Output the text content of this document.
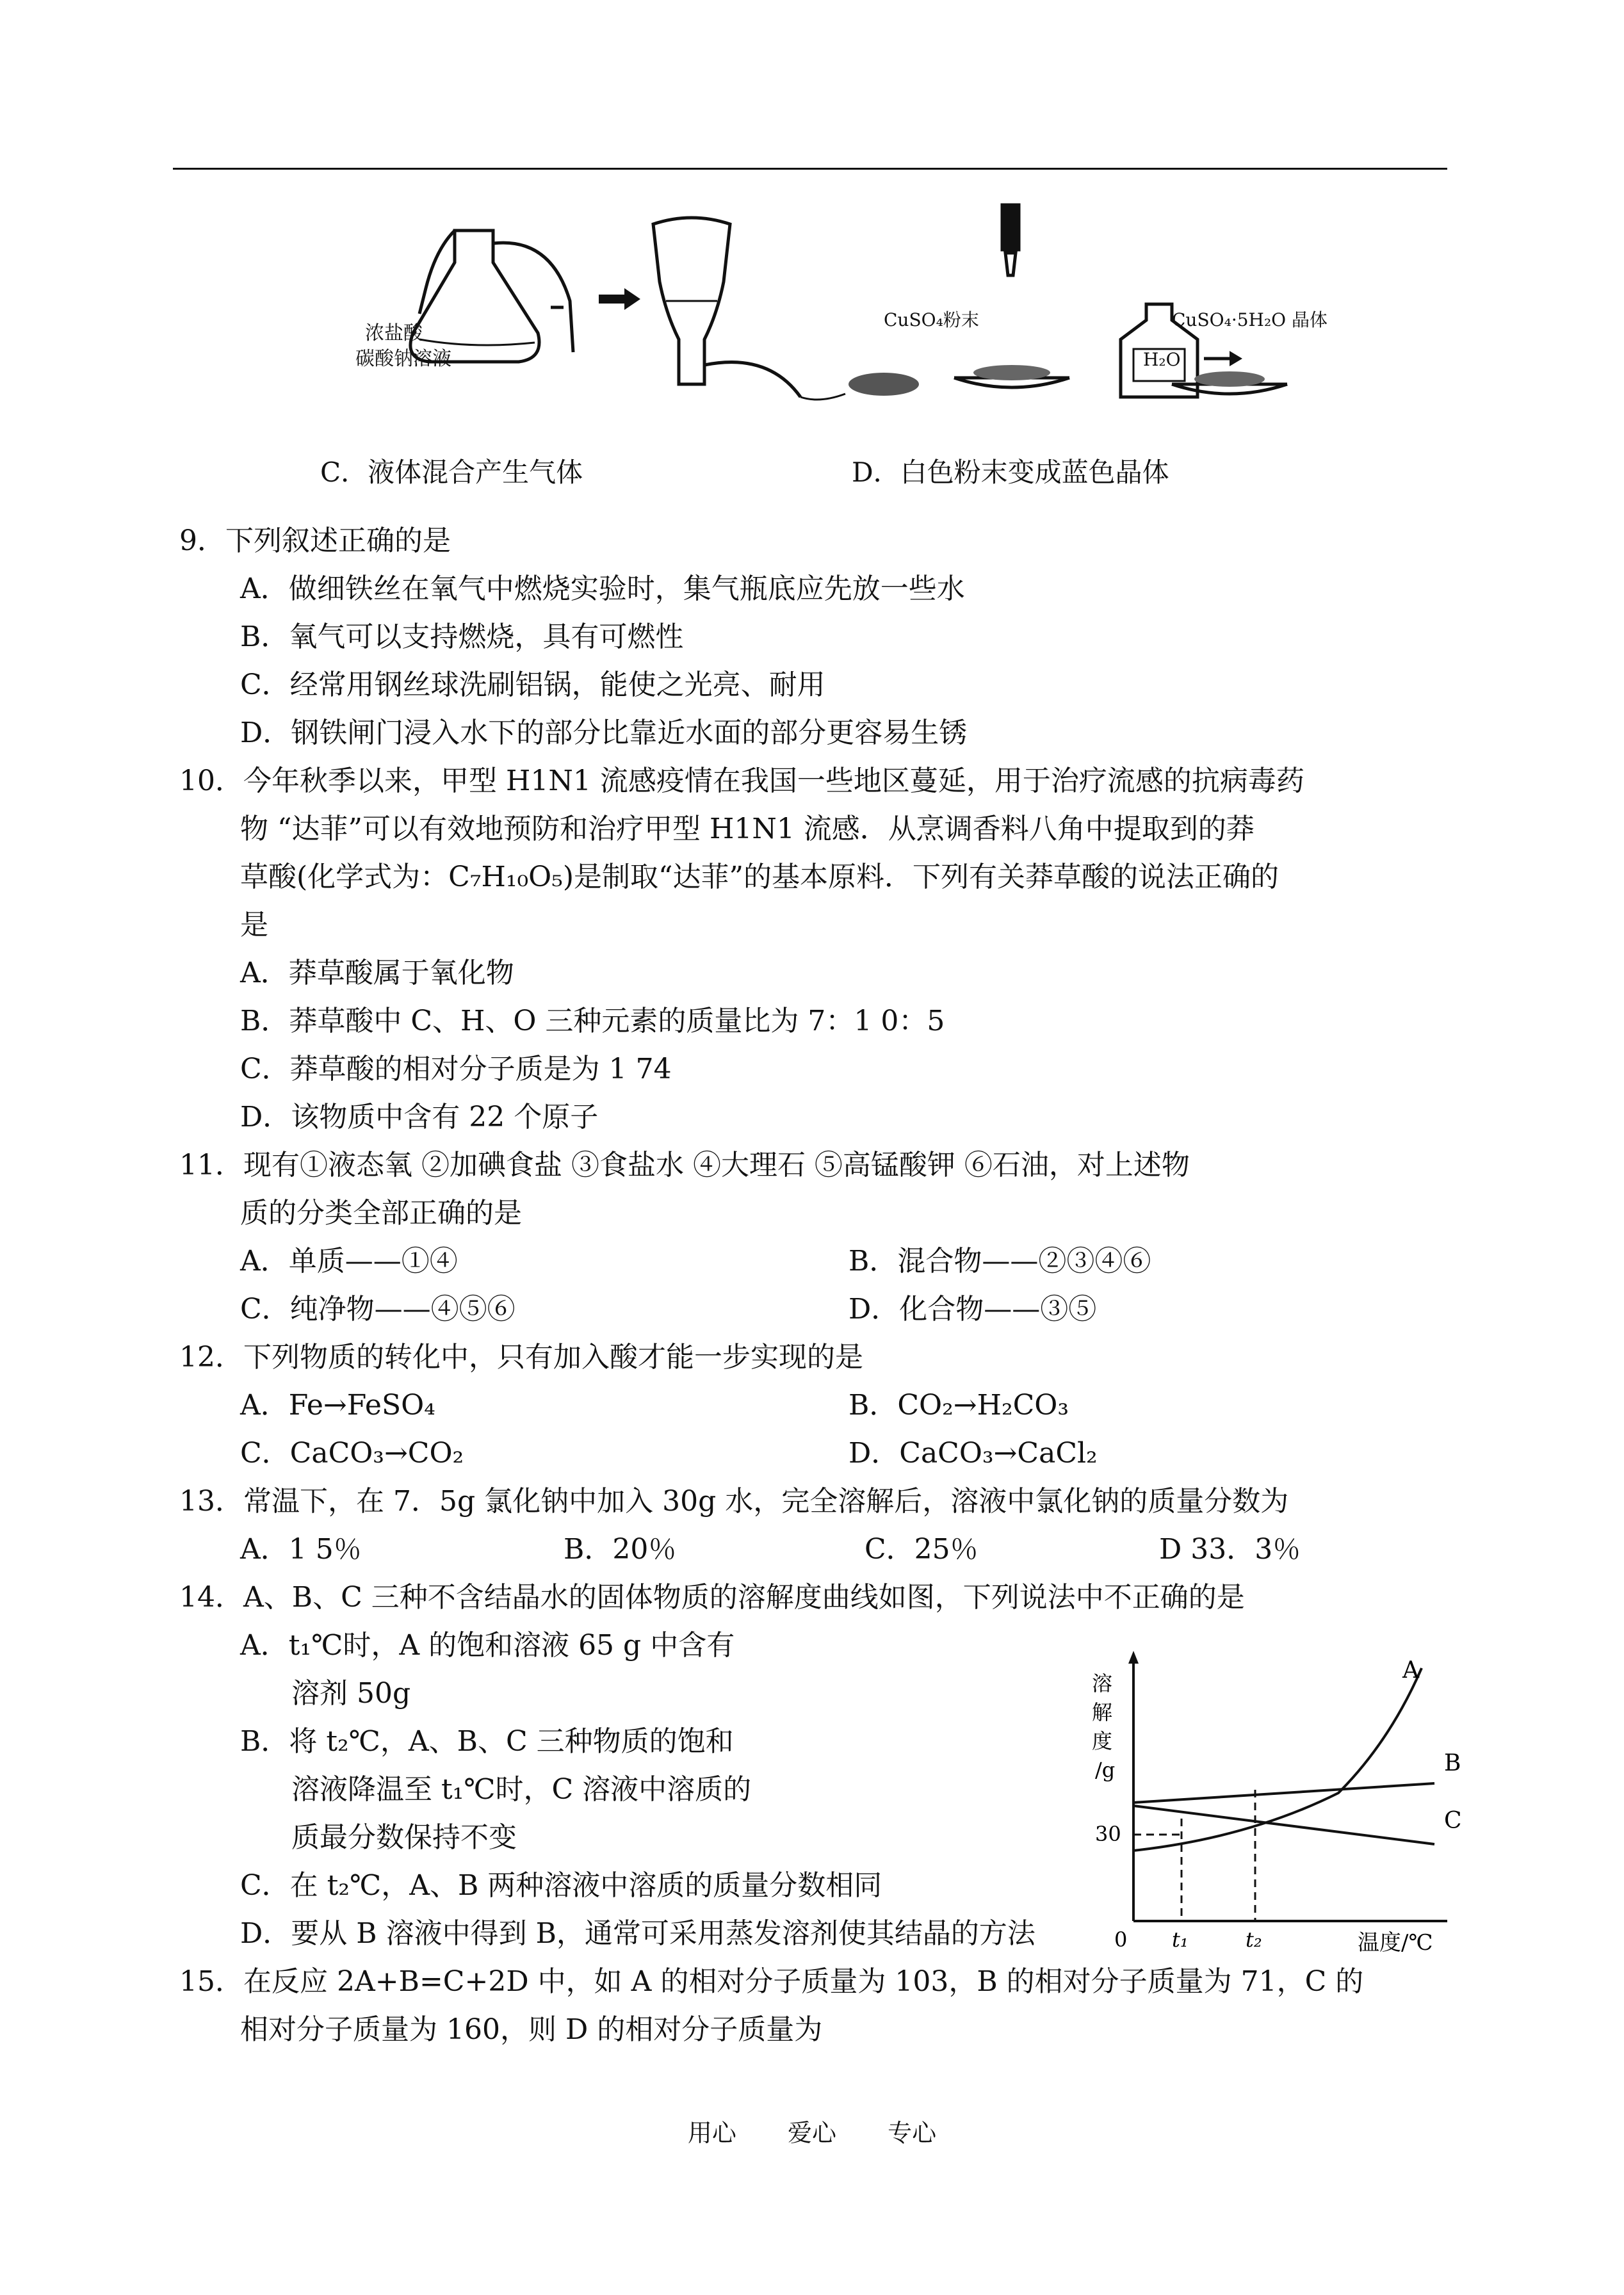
浓盐酸
碳酸钠溶液
CuSO₄粉末
H₂O
CuSO₄·5H₂O 晶体
C．液体混合产生气体	D．白色粉末变成蓝色晶体
9．下列叙述正确的是
A．做细铁丝在氧气中燃烧实验时，集气瓶底应先放一些水
B．氧气可以支持燃烧，具有可燃性
C．经常用钢丝球洗刷铝锅，能使之光亮、耐用
D．钢铁闸门浸入水下的部分比靠近水面的部分更容易生锈
10．今年秋季以来，甲型 H1N1 流感疫情在我国一些地区蔓延，用于治疗流感的抗病毒药
物 “达菲”可以有效地预防和治疗甲型 H1N1 流感．从烹调香料八角中提取到的莽
草酸(化学式为：C₇H₁₀O₅)是制取“达菲”的基本原料．下列有关莽草酸的说法正确的
是
A．莽草酸属于氧化物
B．莽草酸中 C、H、O 三种元素的质量比为 7：1 0：5
C．莽草酸的相对分子质是为 1 74
D．该物质中含有 22 个原子
11．现有①液态氧 ②加碘食盐 ③食盐水 ④大理石 ⑤高锰酸钾 ⑥石油，对上述物
质的分类全部正确的是
A．单质——①④	B．混合物——②③④⑥
C．纯净物——④⑤⑥	D．化合物——③⑤
12．下列物质的转化中，只有加入酸才能一步实现的是
A．Fe→FeSO₄	B．CO₂→H₂CO₃
C．CaCO₃→CO₂	D．CaCO₃→CaCl₂
13．常温下，在 7．5g 氯化钠中加入 30g 水，完全溶解后，溶液中氯化钠的质量分数为
A．1 5％	B．20％	C．25％	D 33．3％
14．A、B、C 三种不含结晶水的固体物质的溶解度曲线如图，下列说法中不正确的是
A．t₁℃时，A 的饱和溶液 65 g 中含有
溶剂 50g
B．将 t₂℃，A、B、C 三种物质的饱和
溶液降温至 t₁℃时，C 溶液中溶质的
质最分数保持不变
C．在 t₂℃，A、B 两种溶液中溶质的质量分数相同
D．要从 B 溶液中得到 B，通常可采用蒸发溶剂使其结晶的方法
溶
解
度
/g
30
0 t₁	t₂	温度/℃
A
B
C
15．在反应 2A+B=C+2D 中，如 A 的相对分子质量为 103，B 的相对分子质量为 71，C 的
相对分子质量为 160，则 D 的相对分子质量为
用心 爱心 专心
